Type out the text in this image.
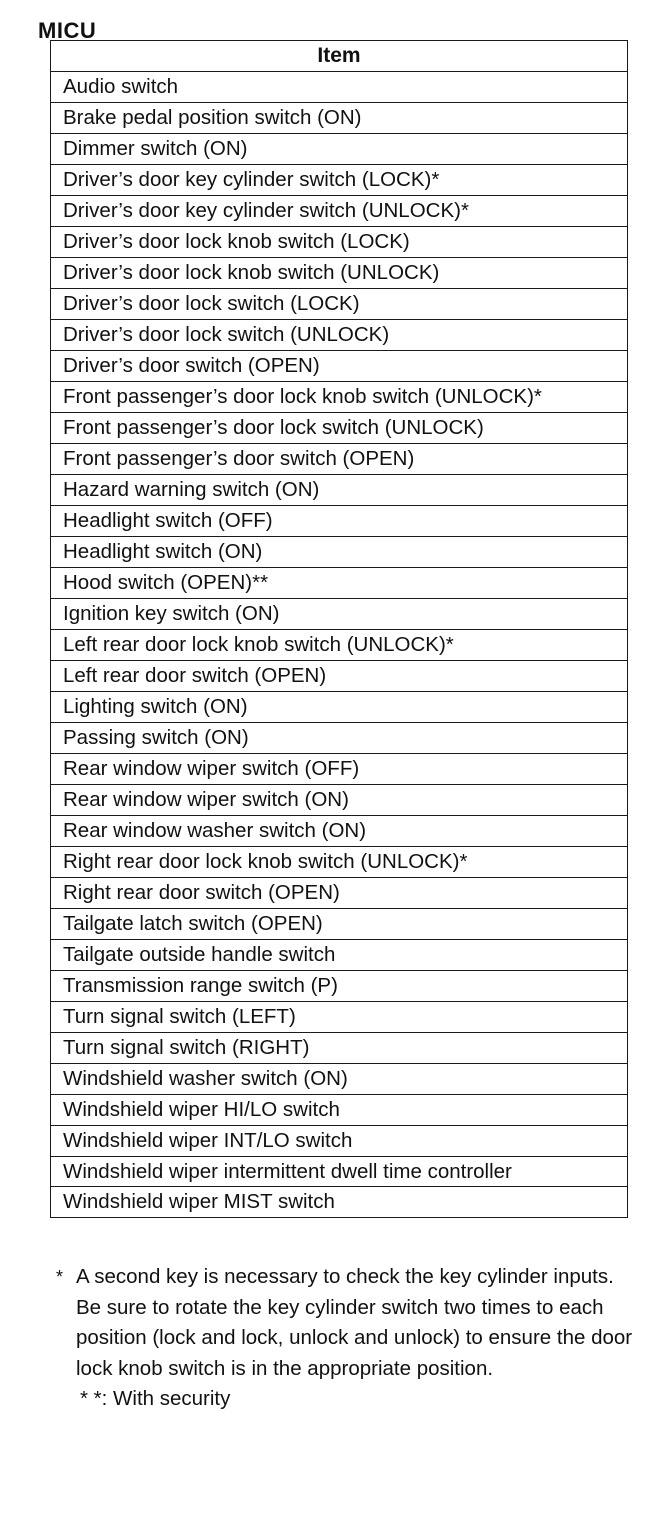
MICU
Item
Audio switch
Brake pedal position switch (ON)
Dimmer switch (ON)
Driver’s door key cylinder switch (LOCK)*
Driver’s door key cylinder switch (UNLOCK)*
Driver’s door lock knob switch (LOCK)
Driver’s door lock knob switch (UNLOCK)
Driver’s door lock switch (LOCK)
Driver’s door lock switch (UNLOCK)
Driver’s door switch (OPEN)
Front passenger’s door lock knob switch (UNLOCK)*
Front passenger’s door lock switch (UNLOCK)
Front passenger’s door switch (OPEN)
Hazard warning switch (ON)
Headlight switch (OFF)
Headlight switch (ON)
Hood switch (OPEN)**
Ignition key switch (ON)
Left rear door lock knob switch (UNLOCK)*
Left rear door switch (OPEN)
Lighting switch (ON)
Passing switch (ON)
Rear window wiper switch (OFF)
Rear window wiper switch (ON)
Rear window washer switch (ON)
Right rear door lock knob switch (UNLOCK)*
Right rear door switch (OPEN)
Tailgate latch switch (OPEN)
Tailgate outside handle switch
Transmission range switch (P)
Turn signal switch (LEFT)
Turn signal switch (RIGHT)
Windshield washer switch (ON)
Windshield wiper HI/LO switch
Windshield wiper INT/LO switch
Windshield wiper intermittent dwell time controller
Windshield wiper MIST switch
* A second key is necessary to check the key cylinder inputs.
Be sure to rotate the key cylinder switch two times to each position (lock and lock, unlock and unlock) to ensure the door lock knob switch is in the appropriate position.
* *: With security
